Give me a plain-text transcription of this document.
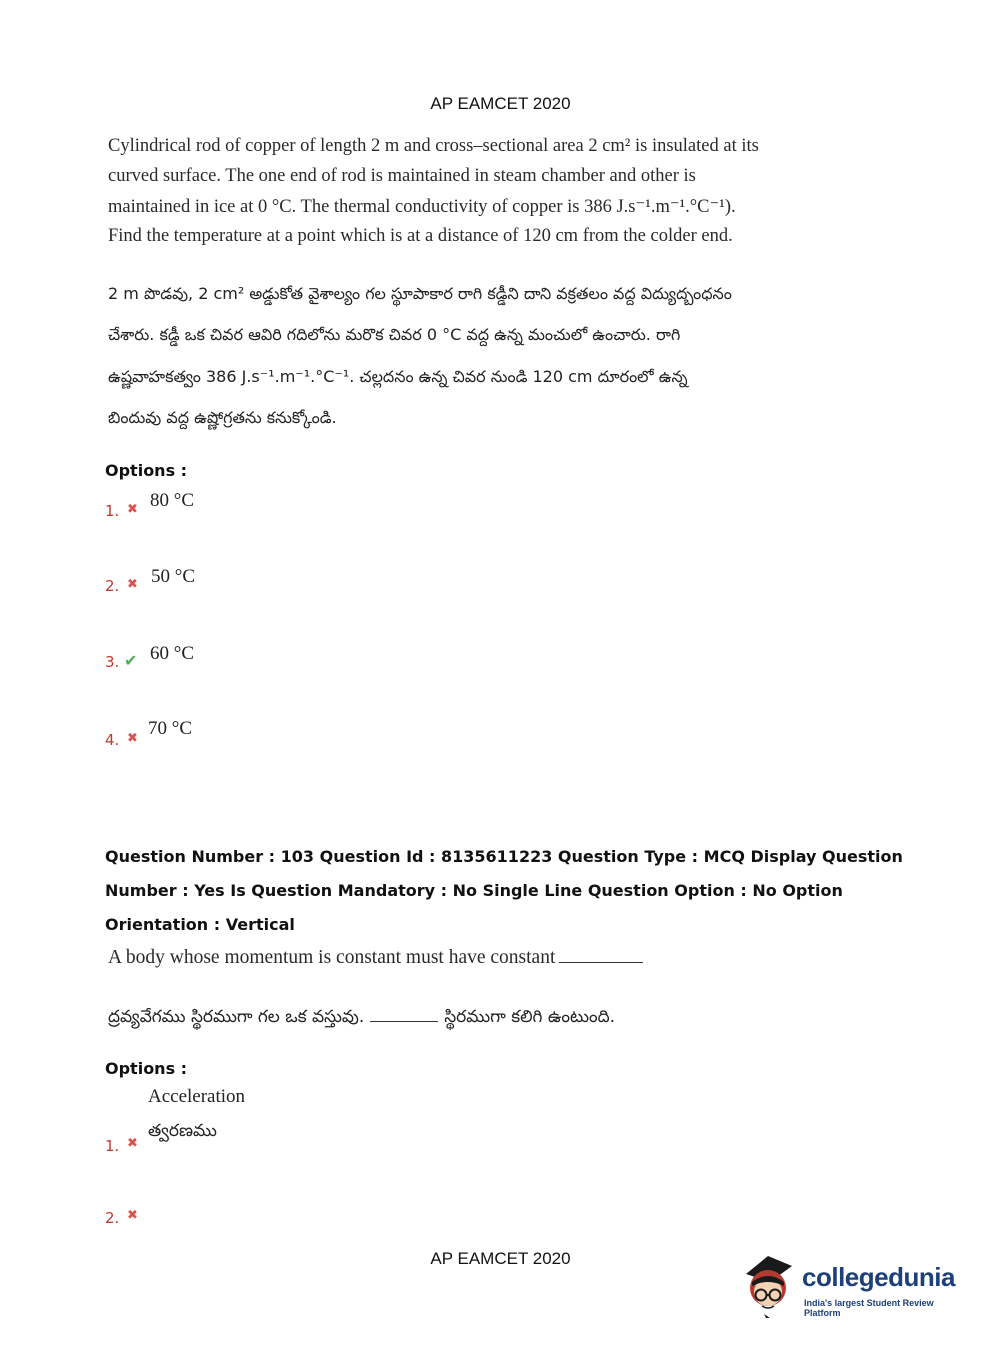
AP EAMCET 2020
Cylindrical rod of copper of length 2 m and cross–sectional area 2 cm² is insulated at its
curved surface. The one end of rod is maintained in steam chamber and other is
maintained in ice at 0 °C. The thermal conductivity of copper is 386 J.s⁻¹.m⁻¹.°C⁻¹).
Find the temperature at a point which is at a distance of 120 cm from the colder end.
2 m పొడవు, 2 cm² అడ్డుకోత వైశాల్యం గల స్థూపాకార రాగి కడ్డీని దాని వక్రతలం వద్ద విద్యుద్బంధనం
చేశారు. కడ్డీ ఒక చివర ఆవిరి గదిలోను మరొక చివర 0 °C వద్ద ఉన్న మంచులో ఉంచారు. రాగి
ఉష్ణవాహకత్వం 386 J.s⁻¹.m⁻¹.°C⁻¹. చల్లదనం ఉన్న చివర నుండి 120 cm దూరంలో ఉన్న
బిందువు వద్ద ఉష్ణోగ్రతను కనుక్కోండి.
Options :
1. ✖ 80 °C
2. ✖ 50 °C
3. ✔ 60 °C
4. ✖ 70 °C
Question Number : 103 Question Id : 8135611223 Question Type : MCQ Display Question
Number : Yes Is Question Mandatory : No Single Line Question Option : No Option
Orientation : Vertical
A body whose momentum is constant must have constant
ద్రవ్యవేగము స్థిరముగా గల ఒక వస్తువు.	స్థిరముగా కలిగి ఉంటుంది.
Options :
Acceleration
త్వరణము
1. ✖
2. ✖
AP EAMCET 2020
collegedunia
India's largest Student Review Platform
